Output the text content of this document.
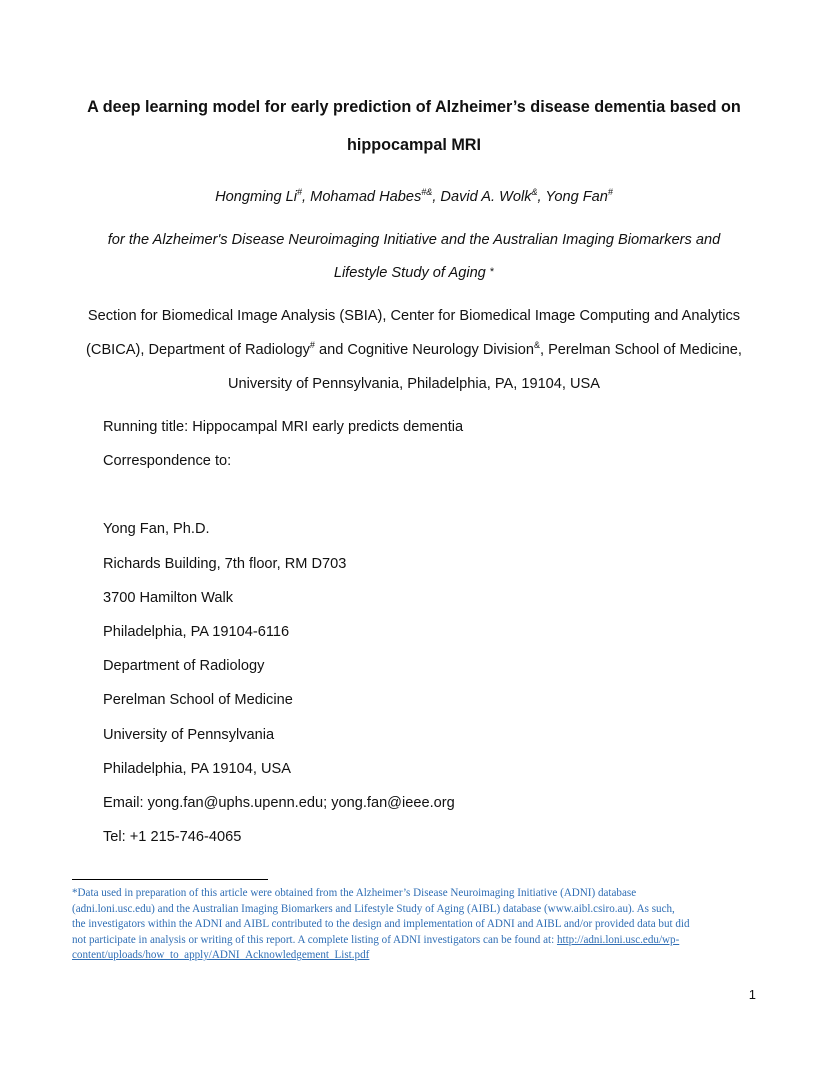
A deep learning model for early prediction of Alzheimer’s disease dementia based on
hippocampal MRI
Hongming Li#, Mohamad Habes#&, David A. Wolk&, Yong Fan#
for the Alzheimer's Disease Neuroimaging Initiative and the Australian Imaging Biomarkers and
Lifestyle Study of Aging *
Section for Biomedical Image Analysis (SBIA), Center for Biomedical Image Computing and Analytics
(CBICA), Department of Radiology# and Cognitive Neurology Division&, Perelman School of Medicine,
University of Pennsylvania, Philadelphia, PA, 19104, USA
Running title: Hippocampal MRI early predicts dementia
Correspondence to:
Yong Fan, Ph.D.
Richards Building, 7th floor, RM D703
3700 Hamilton Walk
Philadelphia, PA 19104-6116
Department of Radiology
Perelman School of Medicine
University of Pennsylvania
Philadelphia, PA 19104, USA
Email: yong.fan@uphs.upenn.edu; yong.fan@ieee.org
Tel: +1 215-746-4065
*Data used in preparation of this article were obtained from the Alzheimer’s Disease Neuroimaging Initiative (ADNI) database
(adni.loni.usc.edu) and the Australian Imaging Biomarkers and Lifestyle Study of Aging (AIBL) database (www.aibl.csiro.au). As such,
the investigators within the ADNI and AIBL contributed to the design and implementation of ADNI and AIBL and/or provided data but did
not participate in analysis or writing of this report. A complete listing of ADNI investigators can be found at: http://adni.loni.usc.edu/wp-
content/uploads/how_to_apply/ADNI_Acknowledgement_List.pdf
1
